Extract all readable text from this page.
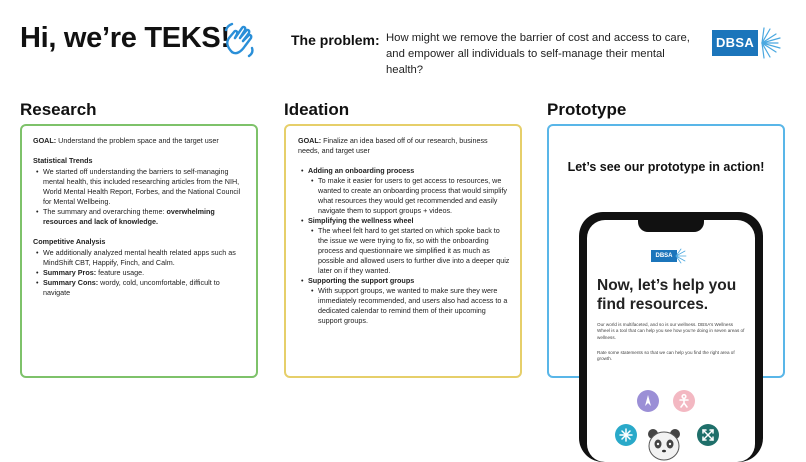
Hi, we’re TEKS!	The problem: How might we remove the barrier of cost and access to care, and empower all individuals to self-manage their mental health?
DBSA
Research	Ideation	Prototype
GOAL: Understand the problem space and the target user
Statistical Trends
• We started off understanding the barriers to self-managing mental health, this included researching articles from the NIH, World Mental Health Report, Forbes, and the National Council for Mental Wellbeing.
• The summary and overarching theme: overwhelming resources and lack of knowledge.
Competitive Analysis
• We additionally analyzed mental health related apps such as MindShift CBT, Happify, Finch, and Calm.
• Summary Pros: feature usage.
• Summary Cons: wordy, cold, uncomfortable, difficult to navigate
GOAL: Finalize an idea based off of our research, business needs, and target user
• Adding an onboarding process
• To make it easier for users to get access to resources, we wanted to create an onboarding process that would simplify what resources they would get recommended and easily navigate them to support groups + videos.
• Simplifying the wellness wheel
• The wheel felt hard to get started on which spoke back to the issue we were trying to fix, so with the onboarding process and questionnaire we simplified it as much as possible and allowed users to further dive into a deeper quiz later on if they wanted.
• Supporting the support groups
• With support groups, we wanted to make sure they were immediately recommended, and users also had access to a dedicated calendar to remind them of their upcoming support groups.
Let’s see our prototype in action!
DBSA
Now, let’s help you find resources.
Our world is multifaceted, and so is our wellness. DBSA’s Wellness Wheel is a tool that can help you see how you’re doing in seven areas of wellness.
Rate some statements so that we can help you find the right area of growth.
